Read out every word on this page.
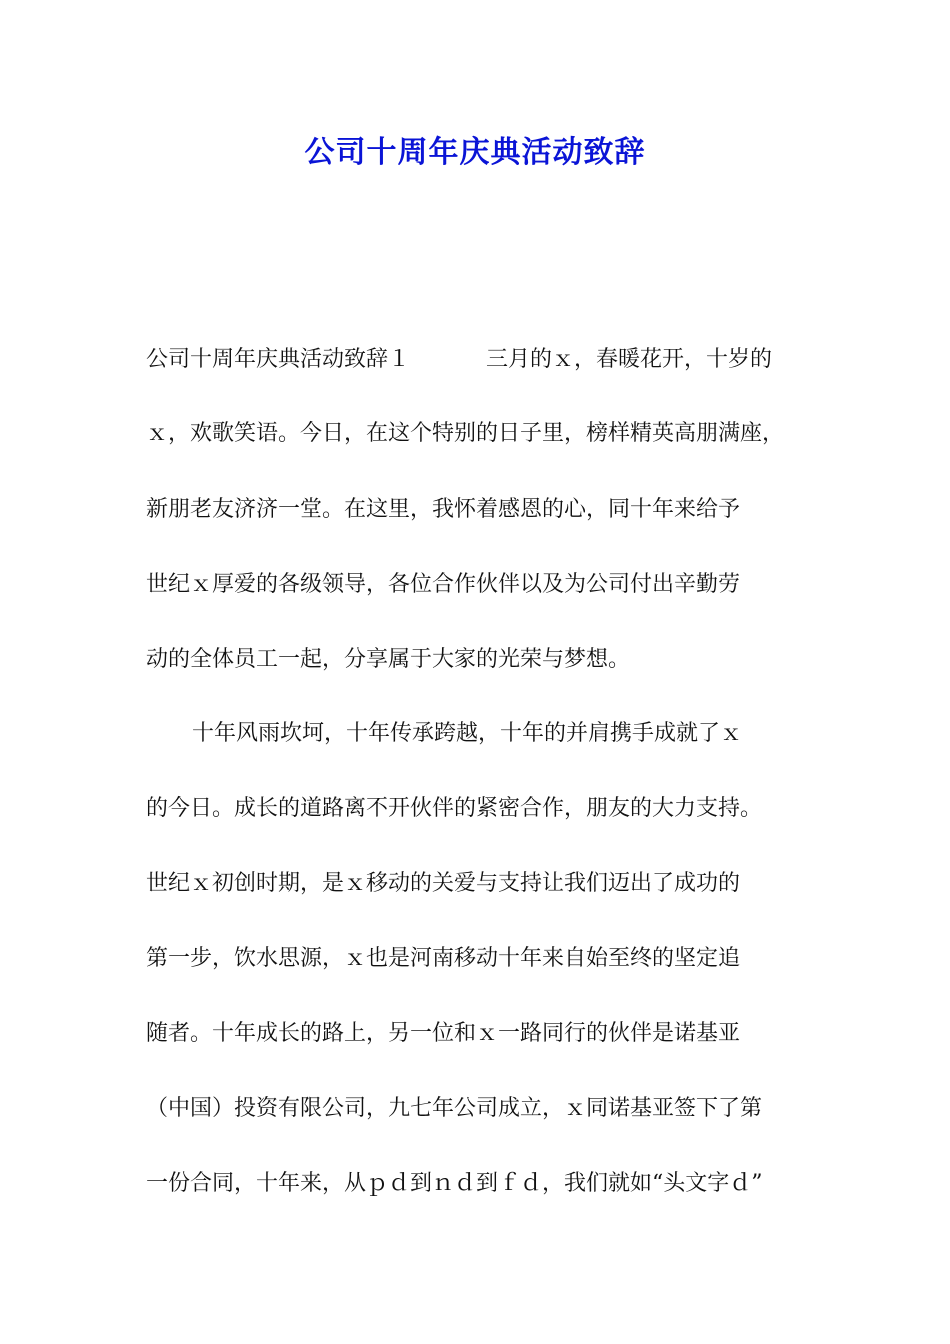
公司十周年庆典活动致辞
公司十周年庆典活动致辞１	三月的ｘ，春暖花开，十岁的
ｘ，欢歌笑语。今日，在这个特别的日子里，榜样精英高朋满座，
新朋老友济济一堂。在这里，我怀着感恩的心，同十年来给予
世纪ｘ厚爱的各级领导，各位合作伙伴以及为公司付出辛勤劳
动的全体员工一起，分享属于大家的光荣与梦想。
十年风雨坎坷，十年传承跨越，十年的并肩携手成就了ｘ
的今日。成长的道路离不开伙伴的紧密合作，朋友的大力支持。
世纪ｘ初创时期，是ｘ移动的关爱与支持让我们迈出了成功的
第一步，饮水思源，ｘ也是河南移动十年来自始至终的坚定追
随者。十年成长的路上，另一位和ｘ一路同行的伙伴是诺基亚
（中国）投资有限公司，九七年公司成立，ｘ同诺基亚签下了第
一份合同，十年来，从ｐｄ到ｎｄ到ｆｄ，我们就如“头文字ｄ”
